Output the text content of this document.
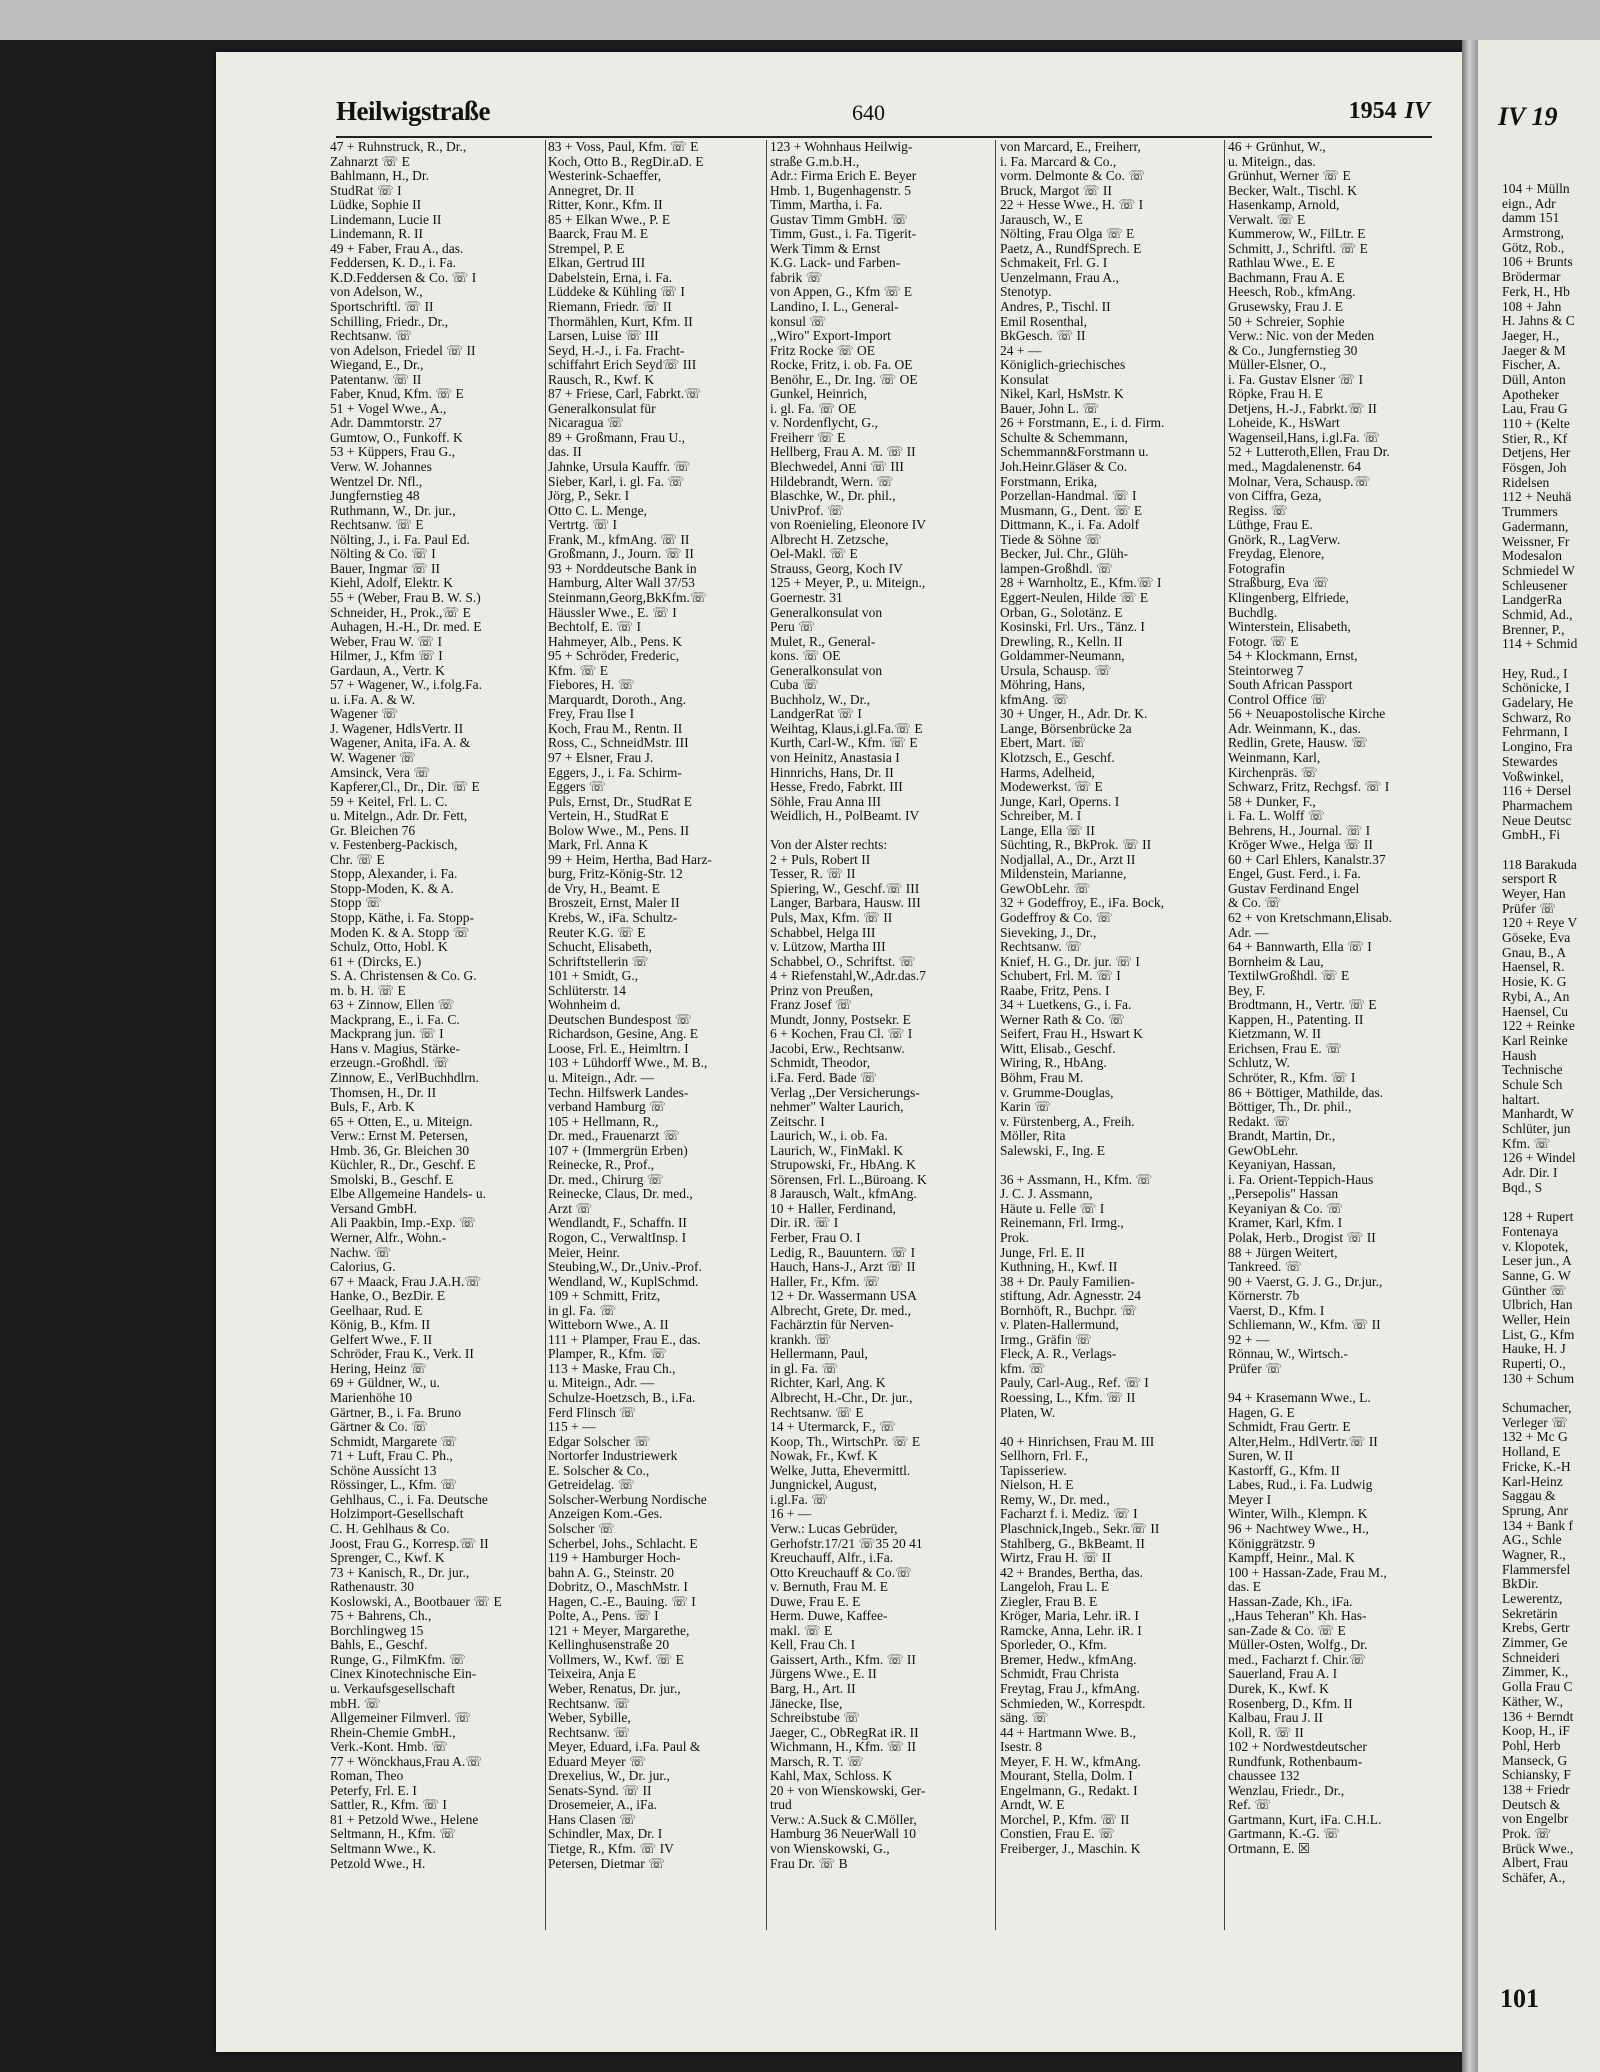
Heilwigstraße	640	1954 IV
47 + Ruhnstruck, R., Dr.,
Zahnarzt ☏ E
Bahlmann, H., Dr.
StudRat ☏ I
Lüdke, Sophie II
Lindemann, Lucie II
Lindemann, R. II
49 + Faber, Frau A., das.
Feddersen, K. D., i. Fa.
K.D.Feddersen & Co. ☏ I
von Adelson, W.,
Sportschriftl. ☏ II
Schilling, Friedr., Dr.,
Rechtsanw. ☏
von Adelson, Friedel ☏ II
Wiegand, E., Dr.,
Patentanw. ☏ II
Faber, Knud, Kfm. ☏ E
51 + Vogel Wwe., A.,
Adr. Dammtorstr. 27
Gumtow, O., Funkoff. K
53 + Küppers, Frau G.,
Verw. W. Johannes
Wentzel Dr. Nfl.,
Jungfernstieg 48
Ruthmann, W., Dr. jur.,
Rechtsanw. ☏ E
Nölting, J., i. Fa. Paul Ed.
Nölting & Co. ☏ I
Bauer, Ingmar ☏ II
Kiehl, Adolf, Elektr. K
55 + (Weber, Frau B. W. S.)
Schneider, H., Prok.,☏ E
Auhagen, H.-H., Dr. med. E
Weber, Frau W. ☏ I
Hilmer, J., Kfm ☏ I
Gardaun, A., Vertr. K
57 + Wagener, W., i.folg.Fa.
u. i.Fa. A. & W.
Wagener ☏
J. Wagener, HdlsVertr. II
Wagener, Anita, iFa. A. &
W. Wagener ☏
Amsinck, Vera ☏
Kapferer,Cl., Dr., Dir. ☏ E
59 + Keitel, Frl. L. C.
u. Mitelgn., Adr. Dr. Fett,
Gr. Bleichen 76
v. Festenberg-Packisch,
Chr. ☏ E
Stopp, Alexander, i. Fa.
Stopp-Moden, K. & A.
Stopp ☏
Stopp, Käthe, i. Fa. Stopp-
Moden K. & A. Stopp ☏
Schulz, Otto, Hobl. K
61 + (Dircks, E.)
S. A. Christensen & Co. G.
m. b. H. ☏ E
63 + Zinnow, Ellen ☏
Mackprang, E., i. Fa. C.
Mackprang jun. ☏ I
Hans v. Magius, Stärke-
erzeugn.-Großhdl. ☏
Zinnow, E., VerlBuchhdlrn.
Thomsen, H., Dr. II
Buls, F., Arb. K
65 + Otten, E., u. Miteign.
Verw.: Ernst M. Petersen,
Hmb. 36, Gr. Bleichen 30
Küchler, R., Dr., Geschf. E
Smolski, B., Geschf. E
Elbe Allgemeine Handels- u.
Versand GmbH.
Ali Paakbin, Imp.-Exp. ☏
Werner, Alfr., Wohn.-
Nachw. ☏
Calorius, G.
67 + Maack, Frau J.A.H.☏
Hanke, O., BezDir. E
Geelhaar, Rud. E
König, B., Kfm. II
Gelfert Wwe., F. II
Schröder, Frau K., Verk. II
Hering, Heinz ☏
69 + Güldner, W., u.
Marienhöhe 10
Gärtner, B., i. Fa. Bruno
Gärtner & Co. ☏
Schmidt, Margarete ☏
71 + Luft, Frau C. Ph.,
Schöne Aussicht 13
Rössinger, L., Kfm. ☏
Gehlhaus, C., i. Fa. Deutsche
Holzimport-Gesellschaft
C. H. Gehlhaus & Co.
Joost, Frau G., Korresp.☏ II
Sprenger, C., Kwf. K
73 + Kanisch, R., Dr. jur.,
Rathenaustr. 30
Koslowski, A., Bootbauer ☏ E
75 + Bahrens, Ch.,
Borchlingweg 15
Bahls, E., Geschf.
Runge, G., FilmKfm. ☏
Cinex Kinotechnische Ein-
u. Verkaufsgesellschaft
mbH. ☏
Allgemeiner Filmverl. ☏
Rhein-Chemie GmbH.,
Verk.-Kont. Hmb. ☏
77 + Wönckhaus,Frau A.☏
Roman, Theo
Peterfy, Frl. E. I
Sattler, R., Kfm. ☏ I
81 + Petzold Wwe., Helene
Seltmann, H., Kfm. ☏
Seltmann Wwe., K.
Petzold Wwe., H.
83 + Voss, Paul, Kfm. ☏ E
Koch, Otto B., RegDir.aD. E
Westerink-Schaeffer,
Annegret, Dr. II
Ritter, Konr., Kfm. II
85 + Elkan Wwe., P. E
Baarck, Frau M. E
Strempel, P. E
Elkan, Gertrud III
Dabelstein, Erna, i. Fa.
Lüddeke & Kühling ☏ I
Riemann, Friedr. ☏ II
Thormählen, Kurt, Kfm. II
Larsen, Luise ☏ III
Seyd, H.-J., i. Fa. Fracht-
schiffahrt Erich Seyd☏ III
Rausch, R., Kwf. K
87 + Friese, Carl, Fabrkt.☏
Generalkonsulat für
Nicaragua ☏
89 + Großmann, Frau U.,
das. II
Jahnke, Ursula Kauffr. ☏
Sieber, Karl, i. gl. Fa. ☏
Jörg, P., Sekr. I
Otto C. L. Menge,
Vertrtg. ☏ I
Frank, M., kfmAng. ☏ II
Großmann, J., Journ. ☏ II
93 + Norddeutsche Bank in
Hamburg, Alter Wall 37/53
Steinmann,Georg,BkKfm.☏
Häussler Wwe., E. ☏ I
Bechtolf, E. ☏ I
Hahmeyer, Alb., Pens. K
95 + Schröder, Frederic,
Kfm. ☏ E
Fiebores, H. ☏
Marquardt, Doroth., Ang.
Frey, Frau Ilse I
Koch, Frau M., Rentn. II
Ross, C., SchneidMstr. III
97 + Elsner, Frau J.
Eggers, J., i. Fa. Schirm-
Eggers ☏
Puls, Ernst, Dr., StudRat E
Vertein, H., StudRat E
Bolow Wwe., M., Pens. II
Mark, Frl. Anna K
99 + Heim, Hertha, Bad Harz-
burg, Fritz-König-Str. 12
de Vry, H., Beamt. E
Broszeit, Ernst, Maler II
Krebs, W., iFa. Schultz-
Reuter K.G. ☏ E
Schucht, Elisabeth,
Schriftstellerin ☏
101 + Smidt, G.,
Schlüterstr. 14
Wohnheim d.
Deutschen Bundespost ☏
Richardson, Gesine, Ang. E
Loose, Frl. E., Heimltrn. I
103 + Lühdorff Wwe., M. B.,
u. Miteign., Adr. —
Techn. Hilfswerk Landes-
verband Hamburg ☏
105 + Hellmann, R.,
Dr. med., Frauenarzt ☏
107 + (Immergrün Erben)
Reinecke, R., Prof.,
Dr. med., Chirurg ☏
Reinecke, Claus, Dr. med.,
Arzt ☏
Wendlandt, F., Schaffn. II
Rogon, C., VerwaltInsp. I
Meier, Heinr.
Steubing,W., Dr.,Univ.-Prof.
Wendland, W., KuplSchmd.
109 + Schmitt, Fritz,
in gl. Fa. ☏
Witteborn Wwe., A. II
111 + Plamper, Frau E., das.
Plamper, R., Kfm. ☏
113 + Maske, Frau Ch.,
u. Miteign., Adr. —
Schulze-Hoetzsch, B., i.Fa.
Ferd Flinsch ☏
115 + —
Edgar Solscher ☏
Nortorfer Industriewerk
E. Solscher & Co.,
Getreidelag. ☏
Solscher-Werbung Nordische
Anzeigen Kom.-Ges.
Solscher ☏
Scherbel, Johs., Schlacht. E
119 + Hamburger Hoch-
bahn A. G., Steinstr. 20
Dobritz, O., MaschMstr. I
Hagen, C.-E., Bauing. ☏ I
Polte, A., Pens. ☏ I
121 + Meyer, Margarethe,
Kellinghusenstraße 20
Vollmers, W., Kwf. ☏ E
Teixeira, Anja E
Weber, Renatus, Dr. jur.,
Rechtsanw. ☏
Weber, Sybille,
Rechtsanw. ☏
Meyer, Eduard, i.Fa. Paul &
Eduard Meyer ☏
Drexelius, W., Dr. jur.,
Senats-Synd. ☏ II
Drosemeier, A., iFa.
Hans Clasen ☏
Schindler, Max, Dr. I
Tietge, R., Kfm. ☏ IV
Petersen, Dietmar ☏
123 + Wohnhaus Heilwig-
straße G.m.b.H.,
Adr.: Firma Erich E. Beyer
Hmb. 1, Bugenhagenstr. 5
Timm, Martha, i. Fa.
Gustav Timm GmbH. ☏
Timm, Gust., i. Fa. Tigerit-
Werk Timm & Ernst
K.G. Lack- und Farben-
fabrik ☏
von Appen, G., Kfm ☏ E
Landino, I. L., General-
konsul ☏
,,Wiro" Export-Import
Fritz Rocke ☏ OE
Rocke, Fritz, i. ob. Fa. OE
Benöhr, E., Dr. Ing. ☏ OE
Gunkel, Heinrich,
i. gl. Fa. ☏ OE
v. Nordenflycht, G.,
Freiherr ☏ E
Hellberg, Frau A. M. ☏ II
Blechwedel, Anni ☏ III
Hildebrandt, Wern. ☏
Blaschke, W., Dr. phil.,
UnivProf. ☏
von Roenieling, Eleonore IV
Albrecht H. Zetzsche,
Oel-Makl. ☏ E
Strauss, Georg, Koch IV
125 + Meyer, P., u. Miteign.,
Goernestr. 31
Generalkonsulat von
Peru ☏
Mulet, R., General-
kons. ☏ OE
Generalkonsulat von
Cuba ☏
Buchholz, W., Dr.,
LandgerRat ☏ I
Weihtag, Klaus,i.gl.Fa.☏ E
Kurth, Carl-W., Kfm. ☏ E
von Heinitz, Anastasia I
Hinnrichs, Hans, Dr. II
Hesse, Fredo, Fabrkt. III
Söhle, Frau Anna III
Weidlich, H., PolBeamt. IV
Von der Alster rechts:
2 + Puls, Robert II
Tesser, R. ☏ II
Spiering, W., Geschf.☏ III
Langer, Barbara, Hausw. III
Puls, Max, Kfm. ☏ II
Schabbel, Helga III
v. Lützow, Martha III
Schabbel, O., Schriftst. ☏
4 + Riefenstahl,W.,Adr.das.7
Prinz von Preußen,
Franz Josef ☏
Mundt, Jonny, Postsekr. E
6 + Kochen, Frau Cl. ☏ I
Jacobi, Erw., Rechtsanw.
Schmidt, Theodor,
i.Fa. Ferd. Bade ☏
Verlag ,,Der Versicherungs-
nehmer" Walter Laurich,
Zeitschr. I
Laurich, W., i. ob. Fa.
Laurich, W., FinMakl. K
Strupowski, Fr., HbAng. K
Sörensen, Frl. L.,Büroang. K
8 Jarausch, Walt., kfmAng.
10 + Haller, Ferdinand,
Dir. iR. ☏ I
Ferber, Frau O. I
Ledig, R., Bauuntern. ☏ I
Hauch, Hans-J., Arzt ☏ II
Haller, Fr., Kfm. ☏
12 + Dr. Wassermann USA
Albrecht, Grete, Dr. med.,
Fachärztin für Nerven-
krankh. ☏
Hellermann, Paul,
in gl. Fa. ☏
Richter, Karl, Ang. K
Albrecht, H.-Chr., Dr. jur.,
Rechtsanw. ☏ E
14 + Utermarck, F., ☏
Koop, Th., WirtschPr. ☏ E
Nowak, Fr., Kwf. K
Welke, Jutta, Ehevermittl.
Jungnickel, August,
i.gl.Fa. ☏
16 + —
Verw.: Lucas Gebrüder,
Gerhofstr.17/21 ☏35 20 41
Kreuchauff, Alfr., i.Fa.
Otto Kreuchauff & Co.☏
v. Bernuth, Frau M. E
Duwe, Frau E. E
Herm. Duwe, Kaffee-
makl. ☏ E
Kell, Frau Ch. I
Gaissert, Arth., Kfm. ☏ II
Jürgens Wwe., E. II
Barg, H., Art. II
Jänecke, Ilse,
Schreibstube ☏
Jaeger, C., ObRegRat iR. II
Wichmann, H., Kfm. ☏ II
Marsch, R. T. ☏
Kahl, Max, Schloss. K
20 + von Wienskowski, Ger-
trud
Verw.: A.Suck & C.Möller,
Hamburg 36 NeuerWall 10
von Wienskowski, G.,
Frau Dr. ☏ B
von Marcard, E., Freiherr,
i. Fa. Marcard & Co.,
vorm. Delmonte & Co. ☏
Bruck, Margot ☏ II
22 + Hesse Wwe., H. ☏ I
Jarausch, W., E
Nölting, Frau Olga ☏ E
Paetz, A., RundfSprech. E
Schmakeit, Frl. G. I
Uenzelmann, Frau A.,
Stenotyp.
Andres, P., Tischl. II
Emil Rosenthal,
BkGesch. ☏ II
24 + —
Königlich-griechisches
Konsulat
Nikel, Karl, HsMstr. K
Bauer, John L. ☏
26 + Forstmann, E., i. d. Firm.
Schulte & Schemmann,
Schemmann&Forstmann u.
Joh.Heinr.Gläser & Co.
Forstmann, Erika,
Porzellan-Handmal. ☏ I
Musmann, G., Dent. ☏ E
Dittmann, K., i. Fa. Adolf
Tiede & Söhne ☏
Becker, Jul. Chr., Glüh-
lampen-Großhdl. ☏
28 + Warnholtz, E., Kfm.☏ I
Eggert-Neulen, Hilde ☏ E
Orban, G., Solotänz. E
Kosinski, Frl. Urs., Tänz. I
Drewling, R., Kelln. II
Goldammer-Neumann,
Ursula, Schausp. ☏
Möhring, Hans,
kfmAng. ☏
30 + Unger, H., Adr. Dr. K.
Lange, Börsenbrücke 2a
Ebert, Mart. ☏
Klotzsch, E., Geschf.
Harms, Adelheid,
Modewerkst. ☏ E
Junge, Karl, Operns. I
Schreiber, M. I
Lange, Ella ☏ II
Süchting, R., BkProk. ☏ II
Nodjallal, A., Dr., Arzt II
Mildenstein, Marianne,
GewObLehr. ☏
32 + Godeffroy, E., iFa. Bock,
Godeffroy & Co. ☏
Sieveking, J., Dr.,
Rechtsanw. ☏
Knief, H. G., Dr. jur. ☏ I
Schubert, Frl. M. ☏ I
Raabe, Fritz, Pens. I
34 + Luetkens, G., i. Fa.
Werner Rath & Co. ☏
Seifert, Frau H., Hswart K
Witt, Elisab., Geschf.
Wiring, R., HbAng.
Böhm, Frau M.
v. Grumme-Douglas,
Karin ☏
v. Fürstenberg, A., Freih.
Möller, Rita
Salewski, F., Ing. E
36 + Assmann, H., Kfm. ☏
J. C. J. Assmann,
Häute u. Felle ☏ I
Reinemann, Frl. Irmg.,
Prok.
Junge, Frl. E. II
Kuthning, H., Kwf. II
38 + Dr. Pauly Familien-
stiftung, Adr. Agnesstr. 24
Bornhöft, R., Buchpr. ☏
v. Platen-Hallermund,
Irmg., Gräfin ☏
Fleck, A. R., Verlags-
kfm. ☏
Pauly, Carl-Aug., Ref. ☏ I
Roessing, L., Kfm. ☏ II
Platen, W.
40 + Hinrichsen, Frau M. III
Sellhorn, Frl. F.,
Tapisseriew.
Nielson, H. E
Remy, W., Dr. med.,
Facharzt f. i. Mediz. ☏ I
Plaschnick,Ingeb., Sekr.☏ II
Stahlberg, G., BkBeamt. II
Wirtz, Frau H. ☏ II
42 + Brandes, Bertha, das.
Langeloh, Frau L. E
Ziegler, Frau B. E
Kröger, Maria, Lehr. iR. I
Ramcke, Anna, Lehr. iR. I
Sporleder, O., Kfm.
Bremer, Hedw., kfmAng.
Schmidt, Frau Christa
Freytag, Frau J., kfmAng.
Schmieden, W., Korrespdt.
säng. ☏
44 + Hartmann Wwe. B.,
Isestr. 8
Meyer, F. H. W., kfmAng.
Mourant, Stella, Dolm. I
Engelmann, G., Redakt. I
Arndt, W. E
Morchel, P., Kfm. ☏ II
Constien, Frau E. ☏
Freiberger, J., Maschin. K
46 + Grünhut, W.,
u. Miteign., das.
Grünhut, Werner ☏ E
Becker, Walt., Tischl. K
Hasenkamp, Arnold,
Verwalt. ☏ E
Kummerow, W., FilLtr. E
Schmitt, J., Schriftl. ☏ E
Rathlau Wwe., E. E
Bachmann, Frau A. E
Heesch, Rob., kfmAng.
Grusewsky, Frau J. E
50 + Schreier, Sophie
Verw.: Nic. von der Meden
& Co., Jungfernstieg 30
Müller-Elsner, O.,
i. Fa. Gustav Elsner ☏ I
Röpke, Frau H. E
Detjens, H.-J., Fabrkt.☏ II
Loheide, K., HsWart
Wagenseil,Hans, i.gl.Fa. ☏
52 + Lutteroth,Ellen, Frau Dr.
med., Magdalenenstr. 64
Molnar, Vera, Schausp.☏
von Ciffra, Geza,
Regiss. ☏
Lüthge, Frau E.
Gnörk, R., LagVerw.
Freydag, Elenore,
Fotografin
Straßburg, Eva ☏
Klingenberg, Elfriede,
Buchdlg.
Winterstein, Elisabeth,
Fotogr. ☏ E
54 + Klockmann, Ernst,
Steintorweg 7
South African Passport
Control Office ☏
56 + Neuapostolische Kirche
Adr. Weinmann, K., das.
Redlin, Grete, Hausw. ☏
Weinmann, Karl,
Kirchenpräs. ☏
Schwarz, Fritz, Rechgsf. ☏ I
58 + Dunker, F.,
i. Fa. L. Wolff ☏
Behrens, H., Journal. ☏ I
Kröger Wwe., Helga ☏ II
60 + Carl Ehlers, Kanalstr.37
Engel, Gust. Ferd., i. Fa.
Gustav Ferdinand Engel
& Co. ☏
62 + von Kretschmann,Elisab.
Adr. —
64 + Bannwarth, Ella ☏ I
Bornheim & Lau,
TextilwGroßhdl. ☏ E
Bey, F.
Brodtmann, H., Vertr. ☏ E
Kappen, H., Patenting. II
Kietzmann, W. II
Erichsen, Frau E. ☏
Schlutz, W.
Schröter, R., Kfm. ☏ I
86 + Böttiger, Mathilde, das.
Böttiger, Th., Dr. phil.,
Redakt. ☏
Brandt, Martin, Dr.,
GewObLehr.
Keyaniyan, Hassan,
i. Fa. Orient-Teppich-Haus
,,Persepolis" Hassan
Keyaniyan & Co. ☏
Kramer, Karl, Kfm. I
Polak, Herb., Drogist ☏ II
88 + Jürgen Weitert,
Tankreed. ☏
90 + Vaerst, G. J. G., Dr.jur.,
Körnerstr. 7b
Vaerst, D., Kfm. I
Schliemann, W., Kfm. ☏ II
92 + —
Rönnau, W., Wirtsch.-
Prüfer ☏
94 + Krasemann Wwe., L.
Hagen, G. E
Schmidt, Frau Gertr. E
Alter,Helm., HdlVertr.☏ II
Suren, W. II
Kastorff, G., Kfm. II
Labes, Rud., i. Fa. Ludwig
Meyer I
Winter, Wilh., Klempn. K
96 + Nachtwey Wwe., H.,
Königgrätzstr. 9
Kampff, Heinr., Mal. K
100 + Hassan-Zade, Frau M.,
das. E
Hassan-Zade, Kh., iFa.
,,Haus Teheran" Kh. Has-
san-Zade & Co. ☏ E
Müller-Osten, Wolfg., Dr.
med., Facharzt f. Chir.☏
Sauerland, Frau A. I
Durek, K., Kwf. K
Rosenberg, D., Kfm. II
Kalbau, Frau J. II
Koll, R. ☏ II
102 + Nordwestdeutscher
Rundfunk, Rothenbaum-
chaussee 132
Wenzlau, Friedr., Dr.,
Ref. ☏
Gartmann, Kurt, iFa. C.H.L.
Gartmann, K.-G. ☏
Ortmann, E. ☒
IV 19
104 + Mülln
eign., Adr
damm 151
Armstrong,
Götz, Rob.,
106 + Brunts
Brödermar
Ferk, H., Hb
108 + Jahn
H. Jahns & C
Jaeger, H.,
Jaeger & M
Fischer, A.
Düll, Anton
Apotheker
Lau, Frau G
110 + (Kelte
Stier, R., Kf
Detjens, Her
Fösgen, Joh
Ridelsen
112 + Neuhä
Trummers
Gadermann,
Weissner, Fr
Modesalon
Schmiedel W
Schleusener
LandgerRa
Schmid, Ad.,
Brenner, P.,
114 + Schmid
Hey, Rud., I
Schönicke, I
Gadelary, He
Schwarz, Ro
Fehrmann, I
Longino, Fra
Stewardes
Voßwinkel,
116 + Dersel
Pharmachem
Neue Deutsc
GmbH., Fi
118 Barakuda
sersport R
Weyer, Han
Prüfer ☏
120 + Reye V
Göseke, Eva
Gnau, B., A
Haensel, R.
Hosie, K. G
Rybi, A., An
Haensel, Cu
122 + Reinke
Karl Reinke
Haush
Technische
Schule Sch
haltart.
Manhardt, W
Schlüter, jun
Kfm. ☏
126 + Windel
Adr. Dir. I
Bqd., S
128 + Rupert
Fontenaya
v. Klopotek,
Leser jun., A
Sanne, G. W
Günther ☏
Ulbrich, Han
Weller, Hein
List, G., Kfm
Hauke, H. J
Ruperti, O.,
130 + Schum
Schumacher,
Verleger ☏
132 + Mc G
Holland, E
Fricke, K.-H
Karl-Heinz
Saggau &
Sprung, Anr
134 + Bank f
AG., Schle
Wagner, R.,
Flammersfel
BkDir.
Lewerentz,
Sekretärin
Krebs, Gertr
Zimmer, Ge
Schneideri
Zimmer, K.,
Golla Frau C
Käther, W.,
136 + Berndt
Koop, H., iF
Pohl, Herb
Manseck, G
Schiansky, F
138 + Friedr
Deutsch &
von Engelbr
Prok. ☏
Brück Wwe.,
Albert, Frau
Schäfer, A.,
101
